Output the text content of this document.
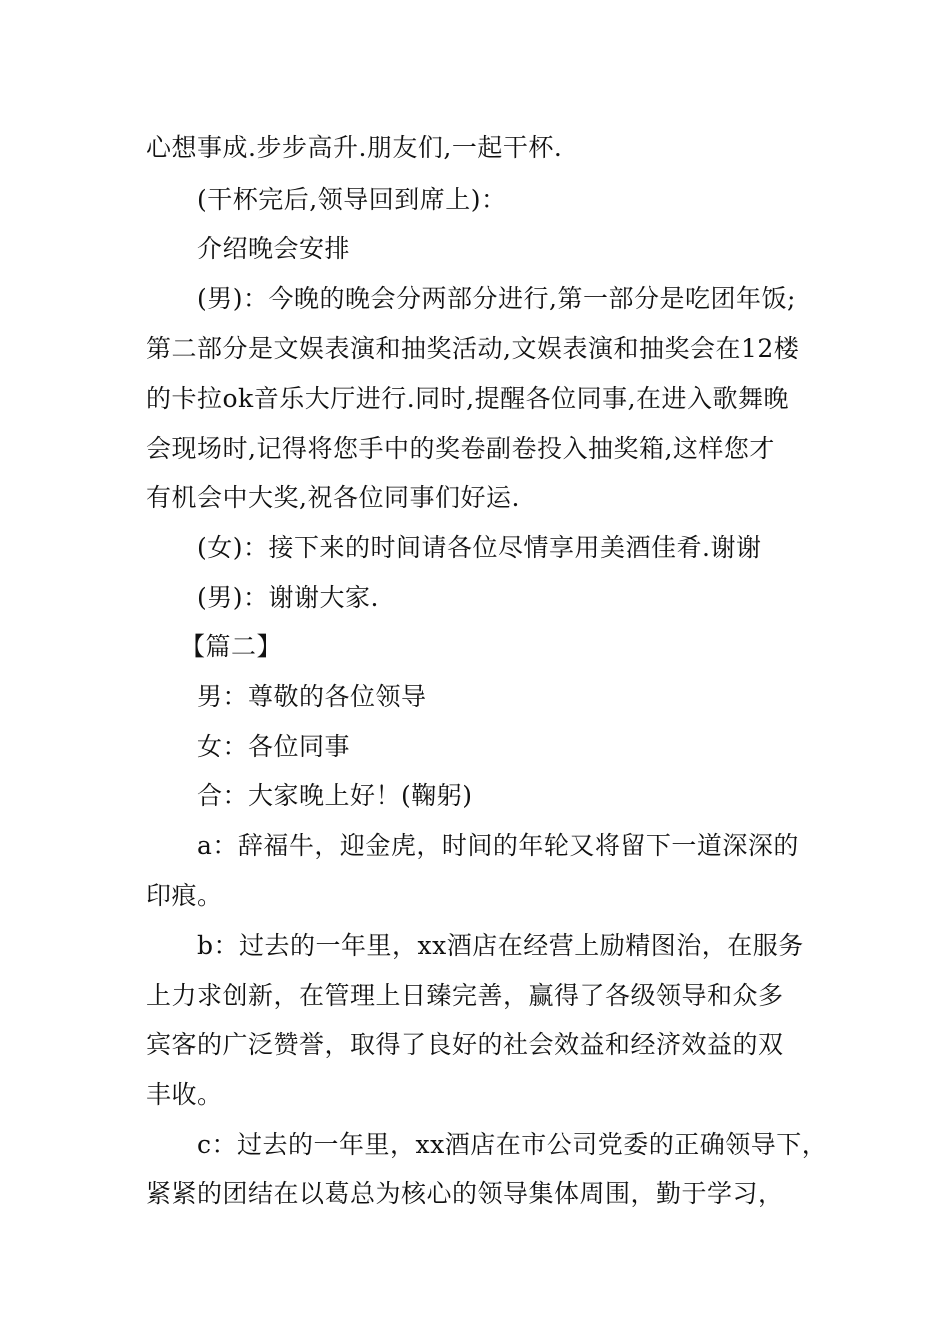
心想事成.步步高升.朋友们,一起干杯.
(干杯完后,领导回到席上)：
介绍晚会安排
(男)：今晚的晚会分两部分进行,第一部分是吃团年饭;
第二部分是文娱表演和抽奖活动,文娱表演和抽奖会在12楼
的卡拉ok音乐大厅进行.同时,提醒各位同事,在进入歌舞晚
会现场时,记得将您手中的奖卷副卷投入抽奖箱,这样您才
有机会中大奖,祝各位同事们好运.
(女)：接下来的时间请各位尽情享用美酒佳肴.谢谢
(男)：谢谢大家.
【篇二】
男：尊敬的各位领导
女：各位同事
合：大家晚上好！(鞠躬)
a：辞福牛，迎金虎，时间的年轮又将留下一道深深的
印痕。
b：过去的一年里，xx酒店在经营上励精图治，在服务
上力求创新，在管理上日臻完善，赢得了各级领导和众多
宾客的广泛赞誉，取得了良好的社会效益和经济效益的双
丰收。
c：过去的一年里，xx酒店在市公司党委的正确领导下，
紧紧的团结在以葛总为核心的领导集体周围，勤于学习，
